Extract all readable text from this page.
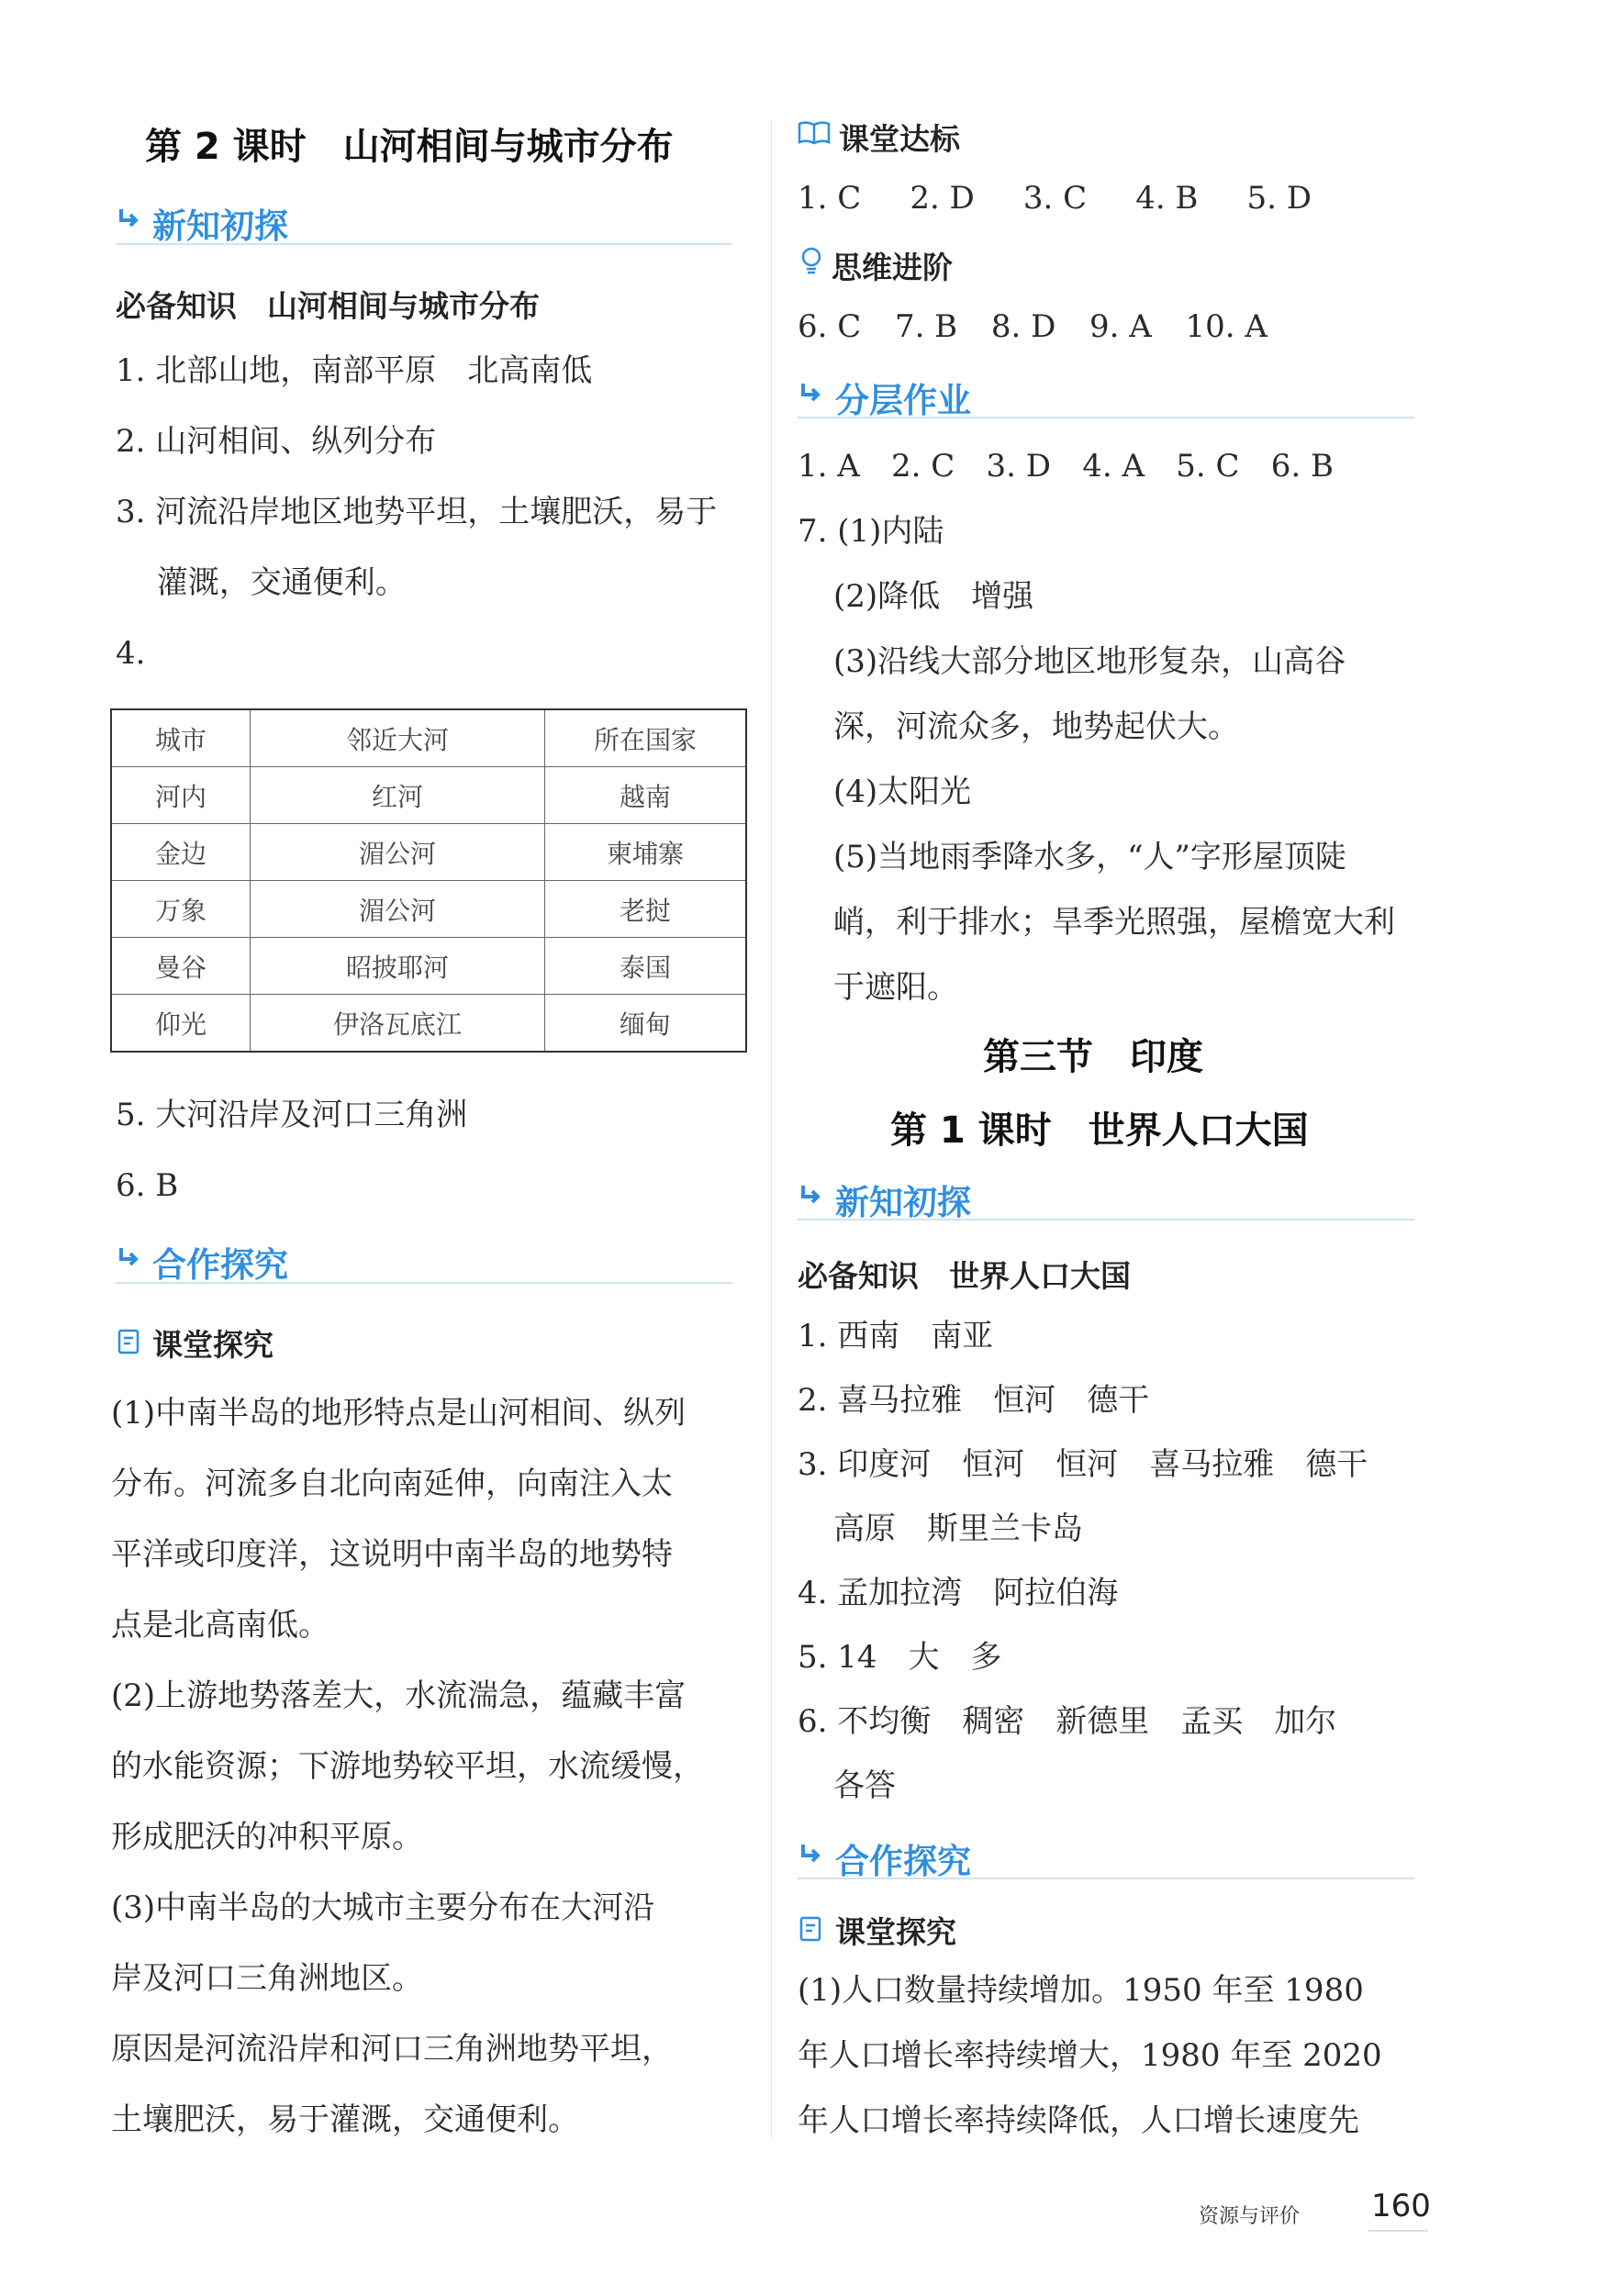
第 2 课时　山河相间与城市分布
新知初探
必备知识　山河相间与城市分布
1. 北部山地，南部平原　北高南低
2. 山河相间、纵列分布
3. 河流沿岸地区地势平坦，土壤肥沃，易于
　 灌溉，交通便利。
4.
城市	邻近大河	所在国家
河内	红河	越南
金边	湄公河	柬埔寨
万象	湄公河	老挝
曼谷	昭披耶河	泰国
仰光	伊洛瓦底江	缅甸
5. 大河沿岸及河口三角洲
6. B
合作探究
课堂探究
(1)中南半岛的地形特点是山河相间、纵列
分布。河流多自北向南延伸，向南注入太
平洋或印度洋，这说明中南半岛的地势特
点是北高南低。
(2)上游地势落差大，水流湍急，蕴藏丰富
的水能资源；下游地势较平坦，水流缓慢，
形成肥沃的冲积平原。
(3)中南半岛的大城市主要分布在大河沿
岸及河口三角洲地区。
原因是河流沿岸和河口三角洲地势平坦，
土壤肥沃，易于灌溉，交通便利。
课堂达标
1. C 2. D 3. C 4. B 5. D
思维进阶
6. C 7. B 8. D 9. A 10. A
分层作业
1. A 2. C 3. D 4. A 5. C 6. B
7. (1)内陆
(2)降低　增强
(3)沿线大部分地区地形复杂，山高谷
深，河流众多，地势起伏大。
(4)太阳光
(5)当地雨季降水多，“人”字形屋顶陡
峭，利于排水；旱季光照强，屋檐宽大利
于遮阳。
第三节　印度
第 1 课时　世界人口大国
新知初探
必备知识　世界人口大国
1. 西南　南亚
2. 喜马拉雅　恒河　德干
3. 印度河　恒河　恒河　喜马拉雅　德干
高原　斯里兰卡岛
4. 孟加拉湾　阿拉伯海
5. 14　大　多
6. 不均衡　稠密　新德里　孟买　加尔
各答
合作探究
课堂探究
(1)人口数量持续增加。1950 年至 1980
年人口增长率持续增大，1980 年至 2020
年人口增长率持续降低，人口增长速度先
资源与评价 160
